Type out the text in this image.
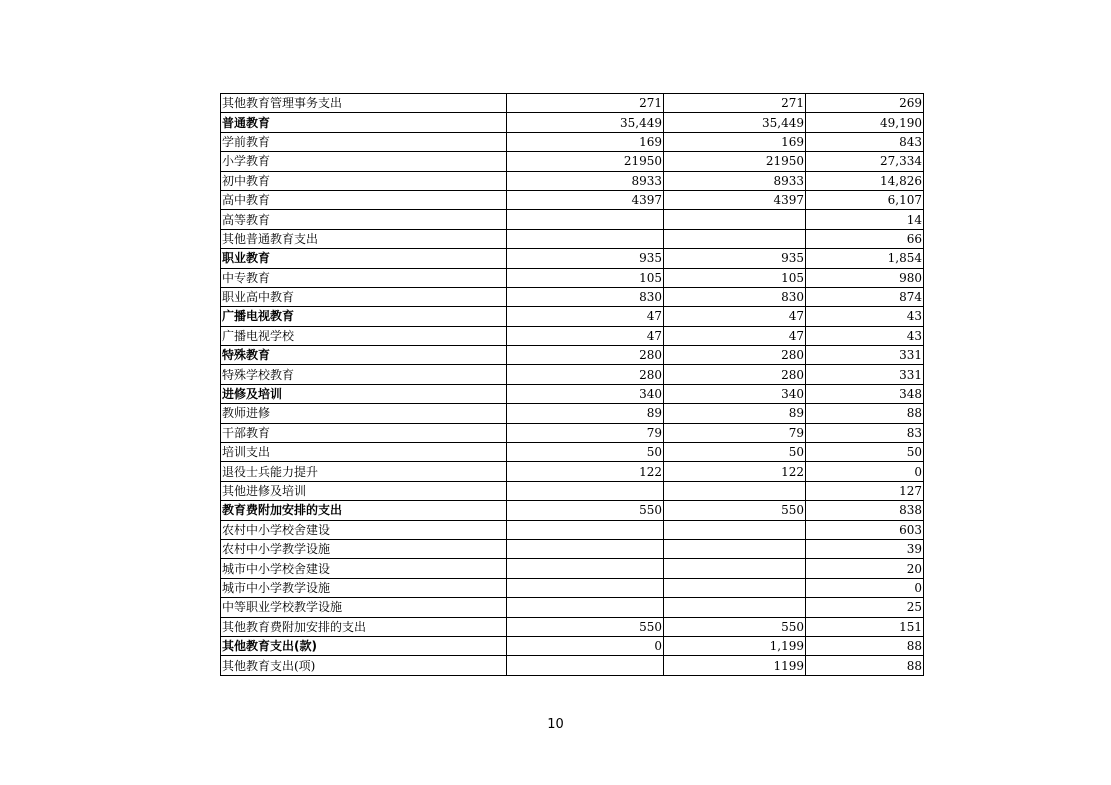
其他教育管理事务支出	271	271	269
普通教育	35,449	35,449	49,190
学前教育	169	169	843
小学教育	21950	21950	27,334
初中教育	8933	8933	14,826
高中教育	4397	4397	6,107
高等教育			14
其他普通教育支出			66
职业教育	935	935	1,854
中专教育	105	105	980
职业高中教育	830	830	874
广播电视教育	47	47	43
广播电视学校	47	47	43
特殊教育	280	280	331
特殊学校教育	280	280	331
进修及培训	340	340	348
教师进修	89	89	88
干部教育	79	79	83
培训支出	50	50	50
退役士兵能力提升	122	122	0
其他进修及培训			127
教育费附加安排的支出	550	550	838
农村中小学校舍建设			603
农村中小学教学设施			39
城市中小学校舍建设			20
城市中小学教学设施			0
中等职业学校教学设施			25
其他教育费附加安排的支出	550	550	151
其他教育支出(款)	0	1,199	88
其他教育支出(项)		1199	88
10
